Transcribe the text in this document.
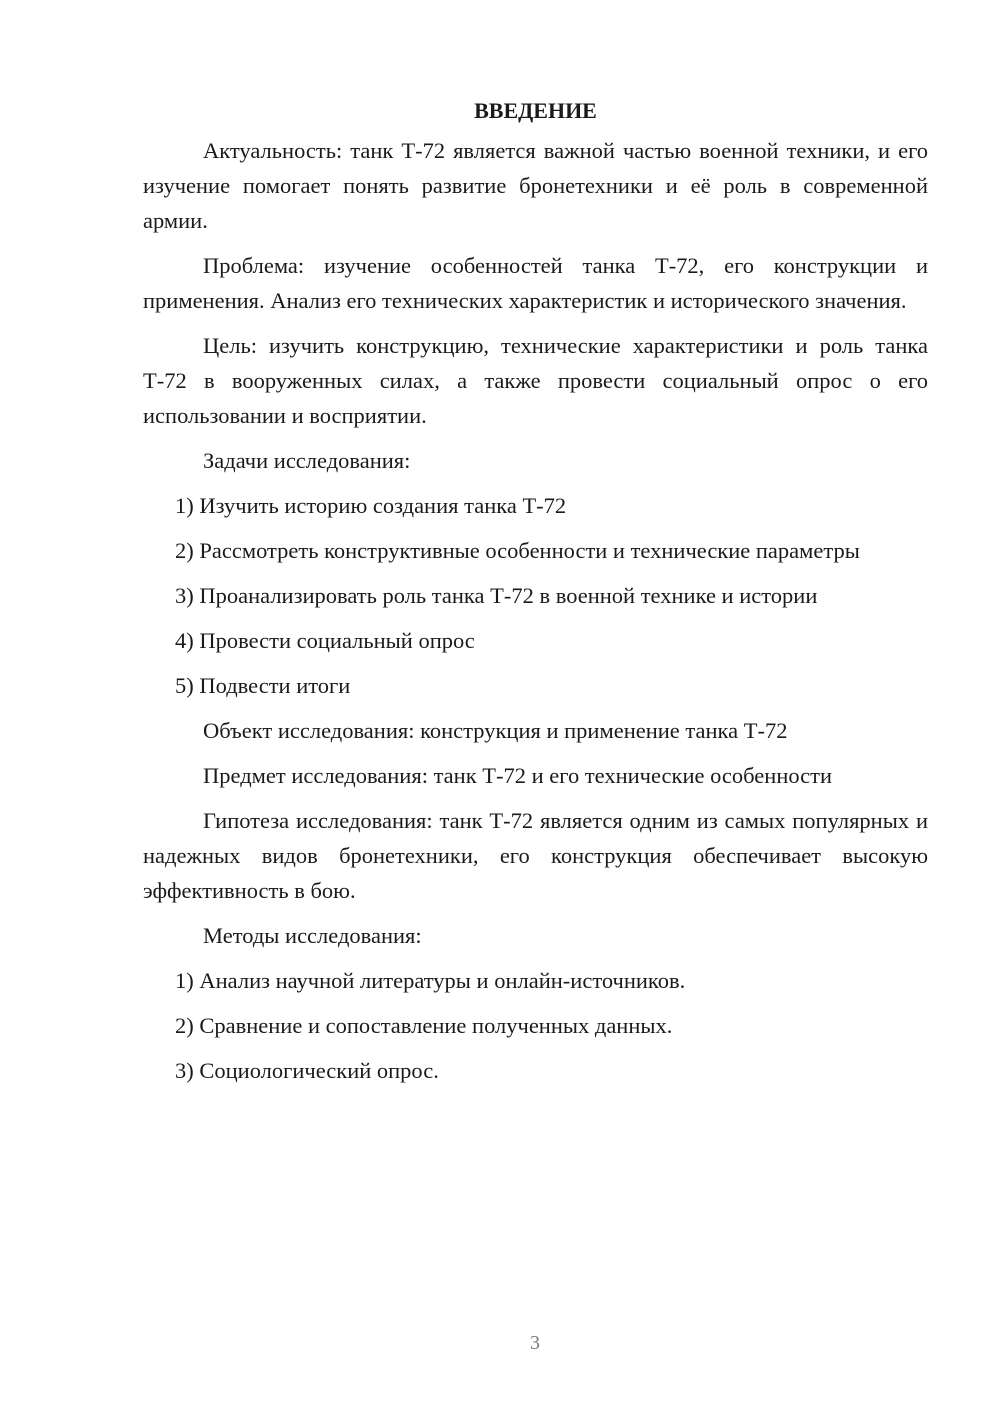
ВВЕДЕНИЕ

Актуальность: танк Т-72 является важной частью военной техники, и его изучение помогает понять развитие бронетехники и её роль в современной армии.

Проблема: изучение особенностей танка Т-72, его конструкции и применения. Анализ его технических характеристик и исторического значения.

Цель: изучить конструкцию, технические характеристики и роль танка Т-72 в вооруженных силах, а также провести социальный опрос о его использовании и восприятии.

Задачи исследования:
1) Изучить историю создания танка Т-72
2) Рассмотреть конструктивные особенности и технические параметры
3) Проанализировать роль танка Т-72 в военной технике и истории
4) Провести социальный опрос
5) Подвести итоги
Объект исследования: конструкция и применение танка Т-72
Предмет исследования: танк Т-72 и его технические особенности

Гипотеза исследования: танк Т-72 является одним из самых популярных и надежных видов бронетехники, его конструкция обеспечивает высокую эффективность в бою.

Методы исследования:
1) Анализ научной литературы и онлайн-источников.
2) Сравнение и сопоставление полученных данных.
3) Социологический опрос.
3
